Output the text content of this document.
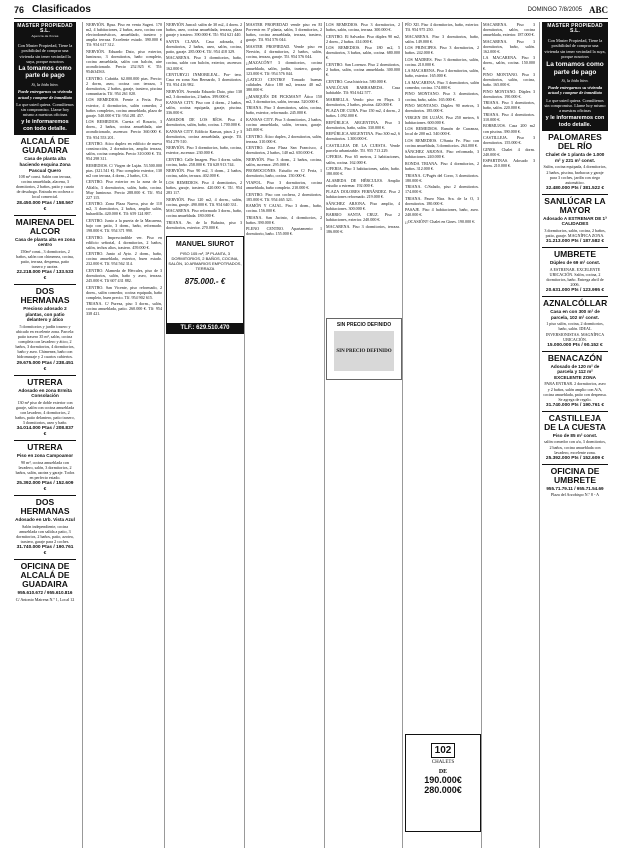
76 Clasificados	DOMINGO 7/8/2005 ABC
MASTER PROPIEDAD S.L.
Agencia de fincas
Con Master Propiedad, Tiene la posibilidad de comprar una vivienda sin tener vecindad la suya, porque nosotros
La tomamos como parte de pago
Si, la bido bien.
Puede entregarnos su vivienda actual y comprar de inmediato
Lo que usted quiera. Consúltenos sin compromiso. Llame hoy mismo a nuestras oficinas
y le informaremos con todo detalle.
ALCALÁ DE GUADAIRA
Casa de planta alta haciendo esquina Zona Pascual Quero
108 m² const. Salón con terraza, cocina amueblada, alacena, 3 dormitorios, 2 baños, patio y cuarto de desahogo. Entrada en cochera o local comercial.
28.450.000 Ptas / 158.567 €
MAIRENA DEL ALCOR
Casa de planta alta en zona centro
150m² const., 3 dormitorios, 2 baños, salón con chimenea, cocina, patio, terraza, despensa, patio trasero y azotea.
22.218.000 Ptas / 133.533 €
DOS HERMANAS
Precioso adosado 2 plantas, con patio delantero y ático
5 dormitorios y jardín trasero y ubicado en excelente zona. Parcela: patio trasero 35 m², salón, cocina completa con lavadero y ático, 2 baños, 3 dormitorios, 4 dormitorios, baño y aseo. Chimenea, baño con hidromasaje y 2 cuartos cubiertos.
29.675.000 Ptas / 238.451 €
UTRERA
Adosado en zona Ermita Consolación
130 m² piso de doble exterior con garaje, salón con cocina amueblada con lavadero, 4 dormitorios, 2 baños, patio delantero, patio trasero, 3 dormitorios, aseo y baño.
34.014.000 Ptas / 208.837 €
UTRERA
Piso en zona Campoamor
90 m², cocina amueblada con lavadero, salón, 3 dormitorios, 2 baños, salón, azotea y garaje. Todos en perfecto estado.
25.392.000 Ptas / 152.609 €
DOS HERMANAS
Adosado en Urb. Vista Azul
Salón independiente, cocina amueblada con salida a patio, 3 dormitorios, 2 baños, patio, azotea, trastero, garaje para 2 coches.
31.740.000 Ptas / 190.761 €
OFICINA DE ALCALÁ DE GUADAIRA
955.610.672 / 955.610.816
C/ Antonio Mairena N.º 1, Local 12

NERVIÓN. Bpsa. Piso en venta Sugert. 170 m2, 4 habitaciones, 2 baños, aseo, cocina con electrodomésticos, amueblado, trastero y amplia terraza. Excelente estado. 390.000 € Tlf: 954 617 312.

NERVIÓN. Eduardo Dato, piso exterior, luminoso, 3 dormitorios, baño completo, cocina amueblada, salón con balcón, aire acondicionado. Precio 252.925 €. Tlf: 954634563.

CENTRO. Cabriña. 62.000.000 ptas. Precio: 2 dorm, aseo, cocina con terraza, 3 dormitorios, 2 baños, garaje, trastero, piscina comunitaria. Tlf. 954 261 020.

LOS REMEDIOS. Frente a Feria. Piso exterior, 4 dormitorios, salón comedor, 2 baños completos, cocina amueblada, plaza de garaje. 540.000 € Tlf: 954 281 457.

LOS REMEDIOS. Cuesta el Rosario, 3 dorm., 2 baños, cocina amueblada, aire acondicionado, ascensor. Precio 360.000 €. Tlf: 954 553 201.

CENTRO. Atico duplex en edificio de nueva construcción, 2 dormitorios, amplia terraza, salón, cocina completa. Precio 310.000 €. Tlf. 954 298 311.

REMEDIOS. C/ Virgen de Luján. 53.500.000 ptas. (321.541 €). Piso completo exterior, 130 m2 con terraza, 4 dorm., 2 baños, CA.

CENTRO. Piso exterior en la zona de la Alfalfa, 3 dormitorios, salón, baño, cocina. Muy luminoso. Precio 288.000 €. Tlf. 954 227 115.

CENTRO. Zona Plaza Nueva, piso de 110 m2, 3 dormitorios, 2 baños, amplio salón, buhardilla. 420.000 €. Tlf: 659 124 887.

CENTRO. Junto a la puerta de la Macarena, bajo con patio, 3 dorm., baño, reformado. 198.000 €. Tlf. 954 371 990.

CENTRO. Imprescindible ver. Piso en edificio señorial, 4 dormitorios, 2 baños, salón, techos altos, trastero. 459.000 €.

CENTRO. Junto al Ayto. 2 dorm., baño, cocina amueblada, exterior, buen estado. 232.000 €. Tlf. 954 562 314.

CENTRO. Alameda de Hércules, piso de 3 dormitorios, salón, baño y aseo, terraza. 245.000 €. Tlf 607 431 882.

CENTRO. San Vicente, piso reformado, 2 dorm., salón comedor, cocina equipada, baño completo, buen precio. Tlf. 954 902 615.

TRIANA. C/ Pureza, piso 3 dorm., salón, cocina amueblada, patio. 260.000 €. Tlf: 954 338 421.

NERVIÓN Juncal: salón de 30 m2, 4 dorm. 2 baños, aseo, cocina amueblada, terraza, plaza garaje y trastero. 390.000 €. Tlf: 954 621 440.

SANTA CLARA. Casa adosada, 4 dormitorios, 2 baños, aseo, salón, cocina, patio, garaje. 285.000 €. Tlf. 954 418 329.

MACARENA. Piso 3 dormitorios, baño, cocina, salón con balcón, exterior, ascensor. 162.000 €.

CENTURY21 INMOBILEAL. Por- tero. Casa en zona San Bernardo, 3 dormitorios. Tlf. 954 416 982.

NERVIÓN. Avenida Eduardo Dato, piso 130 m2, 3 dormitorios, 2 baños. 399.000 €.

KANSAS CITY. Piso con 4 dorm., 2 baños, salón, cocina equipada, garaje, piscina. 336.000 €.

AMADOR DE LOS RÍOS. Piso 4 dormitorios, salón, baño, cocina. 1.700.000 €.

KANSAS CITY. Edificio Kansas, pisos 2 y 3 dormitorios, cocina amueblada, garaje. Tlf. 954 279 510.

NERVIÓN. Piso 3 dormitorios, baño, cocina, exterior, ascensor. 230.000 €.

CENTRO. Calle Imagen. Piso 3 dorm. salón, cocina, baño. 258.000 €. Tlf 628 913 744.

NERVIÓN. Piso 90 m2, 3 dorm., 2 baños, cocina, salón, terraza. 402.000 €.

LOS REMEDIOS. Piso 4 dormitorios, 2 baños, garaje, trastero. 420.000 €. Tlf. 954 283 117.

NERVIÓN. Piso 120 m2, 4 dorm., salón, cocina, garaje. 490.000 €. Tlf. 954 640 331.

MACARENA. Piso reformado 3 dorm., baño, cocina amueblada. 180.000 €.

TRIANA. Av. de la Buhaira, piso 3 dormitorios, exterior. 270.000 €.

MASTER PROPIEDAD vende piso en El Porvenir en 3ª planta, salón, 3 dormitorios, 2 baños, cocina amueblada, terraza, trastero, garaje. Tlf. 954 576 044.

MASTER PROPIEDAD. Vende piso en Nervión, 4 dormitorios, 2 baños, salón, cocina, terraza, garaje. Tlf. 954 576 044.

¡¡MAZACÓN!! 3 dormitorios, cocina amueblada, salón, jardín, trastero, garaje. 123.000 €. Tlf: 954 576 044.

¡LATICO CENTRO! Tomado buenas calidades. Atico 180 m2, terraza 40 m2. 380.000 €.

¡¡MARQUÉS DE PICKMAN!! Ático 150 m2, 3 dormitorios, salón, terraza. 520.000 €.

TRIANA. Piso 3 dormitorios, salón, cocina, baño, exterior, reformado. 245.000 €.

KANSAS CITY. Piso 3 dormitorios, 2 baños, cocina amueblada, salón, terraza, garaje. 345.000 €.

CENTRO. Ático duplex, 2 dormitorios, salón, terraza. 310.000 €.

CENTRO. Zona Plaza San Francisco, 4 dormitorios, 2 baños, 140 m2. 650.000 €.

NERVIÓN. Piso 3 dorm., 2 baños, cocina, salón, ascensor. 295.000 €.

PROMOCIONES. Estudio en C/ Feria, 1 dormitorio, baño, cocina. 150.000 €.

VIAPOL. Piso 3 dormitorios, cocina amueblada, baño completo. 210.000 €.

CENTRO. Piso con cochera, 2 dormitorios. 185.000 €. Tlf. 954 465 321.

RAMÓN Y CAJAL. Piso 3 dorm., baño, cocina. 156.000 €.

TRIANA. San Jacinto, 4 dormitorios, 2 baños. 390.000 €.

PLENO CENTRO. Apartamento 1 dormitorio, baño. 155.000 €.

LOS REMEDIOS. Piso 3 dormitorios, 2 baños, salón, cocina, terraza. 300.000 €.

CENTRO. El Salvador. Piso dúplex 90 m2, 2 dorm., 2 baños. 414.000 €.

LOS REMEDIOS. Piso 180 m2, 5 dormitorios, 3 baños, salón, cocina. 680.000 €.

CENTRO. San Lorenzo. Piso 2 dormitorios, 2 baños, salón, cocina amueblada. 300.000 €.

CENTRO. Casa histórica. 580.000 €.

SANLÚCAR BARRAMEDA. Casa habitable. Tlf: 954 642 577.

MARBELLA. Vendo piso en Playa. 3 dormitorios, 2 baños, piscina. 420.000 €.

PLAZA DE CUBA. Piso 150 m2, 4 dorm., 2 baños. 1.092.000 €.

REPÚBLICA ARGENTINA. Piso 3 dormitorios, baño, salón. 330.000 €.

REPÚBLICA ARGENTINA. Piso 300 m2, 6 dormitorios. 1.300.000 €.

CASTILLEJA DE LA CUESTA. Vende parcela urbanizable. Tlf. 955 713 229.

C/FERIA. Piso 65 metros, 2 habitaciones, salón, cocina. 162.000 €.

C/FERIA. Piso 3 habitaciones, salón, baño. 180.000 €.

ALAMEDA DE HÉRCULES. Amplio estudio a estrenar. 192.000 €.

PLAZA DOLORES FERNÁNDEZ. Piso 2 habitaciones reformado. 219.000 €.

SÁNCHEZ ARJONA. Piso amplio, 4 habitaciones. 300.000 €.

BARRIO SANTA CRUZ. Piso 2 habitaciones, exterior. 240.000 €.

MACARENA. Piso 3 dormitorios, terraza. 186.000 €.

PÍO XII. Piso 4 dormitorios, baño, exterior. Tlf. 954 975 250.

MACARENA. Piso 3 dormitorios, baño, salón. 149.000 €.

LOS PRINCIPES. Piso 3 dormitorios, 2 baños. 242.000 €.

LOS MADRES. Piso 3 dormitorios, salón, cocina. 210.000 €.

LA MACARENA. Piso 3 dormitorios, salón, baño, exterior. 165.000 €.

LA MACARENA. Piso 3 dormitorios, salón comedor, cocina. 174.000 €.

PINO MONTANO. Piso 3 dormitorios, cocina, baño, salón. 165.000 €.

PINO MONTANO. Dúplex 90 metros, 3 dormitorios. 185.000 €.

VIRGEN DE LUJÁN. Piso 250 metros, 6 habitaciones. 600.000 €.

LOS REMEDIOS. Ramón de Carranza, local de 200 m2. 540.000 €.

LOS REMEDIOS. C/Santa Fe. Piso con cocina amueblada, 3 dormitorios. 264.000 €.

SÁNCHEZ ARJONA. Piso reformado, 3 habitaciones. 240.000 €.

RONDA TRIANA. Piso 4 dormitorios, 2 baños. 312.000 €.

TRIANA. C/Pagés del Corro, 3 dormitorios. 180.000 €.

TRIANA. C/Salado, piso 2 dormitorios. 174.000 €.

TRIANA. Paseo Ntra. Sra. de la O, 3 dormitorios. 180.000 €.

PASAJE. Piso 4 habitaciones, baño, aseo. 240.000 €.

¡¡OCASIÓN!! Chalet en Gines. 190.000 €.

MACARENA. Piso 3 dormitorios, salón, cocina amueblada, exterior. 187.000 €.

MACARENA. Piso 3 dormitorios, baño, salón. 162.000 €.

LA MACARENA. Piso 3 dorm., salón, cocina. 150.000 €.

PINO MONTANO. Piso 3 dormitorios, salón, cocina, baño. 165.000 €.

PINO MONTANO. Dúplex 3 dormitorios. 190.000 €.

TRIANA. Piso 3 dormitorios, baño, salón. 220.000 €.

TRIANA. Piso 4 dormitorios. 310.000 €.

BORMUJOS. Casa 200 m2 con piscina. 390.000 €.

CASTILLEJA. Piso 3 dormitorios. 155.000 €.

GINES. Chalet 4 dorm. 240.000 €.

ESPARTINAS. Adosado 3 dorm. 210.000 €.

MANUEL SIUROT
PISO 105 m², 3ª PLANTA, 3 DORMITORIOS, 2 BAÑOS, COCINA, SALÓN, 10 ARMARIOS EMPOTRADOS, TERRAZA
875.000.- €
TLF.: 629.510.470	SIN PRECIO DEFINIDO
SIN PRECIO DEFINIDO
102
CHALETS
DE
190.000€
280.000€
MASTER PROPIEDAD S.L.
Con Master Propiedad, Tiene la posibilidad de comprar una vivienda sin tener vecindad la suya, porque nosotros
La tomamos como parte de pago
Si, la bido bien.
Puede entregarnos su vivienda actual y comprar de inmediato
Lo que usted quiera. Consúltenos sin compromiso. Llame hoy mismo a nuestras oficinas
y le informaremos con todo detalle.
PALOMARES DEL RÍO
Chalet de 1 planta de 1.000 m² y 221 m² const.
Salón, cocina equipada, 4 dormitorios, 2 baños, piscina, barbacoa y garaje para 3 coches, jardín con riego automático.
32.480.000 Pts / 381.522 €
SANLÚCAR LA MAYOR
Adosado A ESTRENAR DE 1ª CALIDADES
3 dormitorios, salón, cocina, 2 baños, patio, garaje. MAGNÍFICA ZONA.
31.213.000 Pts / 187.582 €
UMBRETE
Dúplex de 69 m² const.
A ESTRENAR. EXCELENTE UBICACIÓN. Salón, cocina, 2 dormitorios, baño. Entrega abril de 2006.
20.631.000 Pts / 123.995 €
AZNALCÓLLAR
Casa en con 300 m² de parcela, 102 m² const.
1 piso salón, cocina, 2 dormitorios, baño, salón. IDEAL INVERSIONISTAS. MAGNÍFICA UBICACIÓN.
15.000.000 Pts / 90.152 €
BENACAZÓN
Adosado de 120 m² de parcela y 112 m² EXCELENTE ZONA
PARA ENTRAR. 2 dormitorios, aseo y 2 baños, salón amplio con A/A, cocina amueblada, patio con despensa. Se agrega de regalo.
31.740.000 Pts / 190.761 €
CASTILLEJA DE LA CUESTA
Piso de 85 m² const.
salón comedor con a/a, 3 dormitorios, 2 baños, cocina amueblada con lavadero, excelente zona.
25.392.000 Pts / 152.609 €
OFICINA DE UMBRETE
955.71.79.11 / 955.71.54.69
Plaza del Arzobispo N.º 8 - A
